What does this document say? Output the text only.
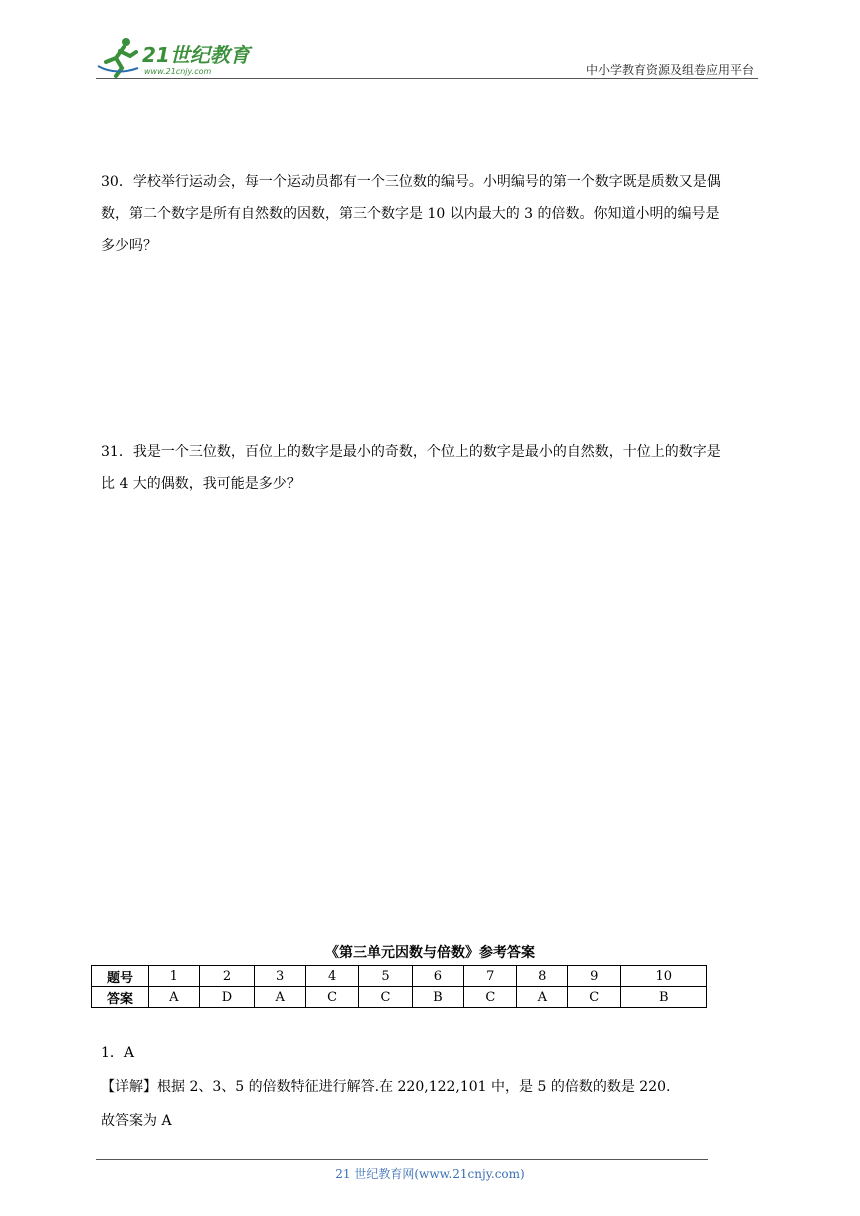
21世纪教育
www.21cnjy.com	中小学教育资源及组卷应用平台
30．学校举行运动会，每一个运动员都有一个三位数的编号。小明编号的第一个数字既是质数又是偶
数，第二个数字是所有自然数的因数，第三个数字是 10 以内最大的 3 的倍数。你知道小明的编号是
多少吗？
31．我是一个三位数，百位上的数字是最小的奇数，个位上的数字是最小的自然数，十位上的数字是
比 4 大的偶数，我可能是多少？
《第三单元因数与倍数》参考答案
题号	1	2	3	4	5	6	7	8	9	10
答案	A	D	A	C	C	B	C	A	C	B
1．A
【详解】根据 2、3、5 的倍数特征进行解答.在 220,122,101 中，是 5 的倍数的数是 220.
故答案为 A
21 世纪教育网(www.21cnjy.com)
